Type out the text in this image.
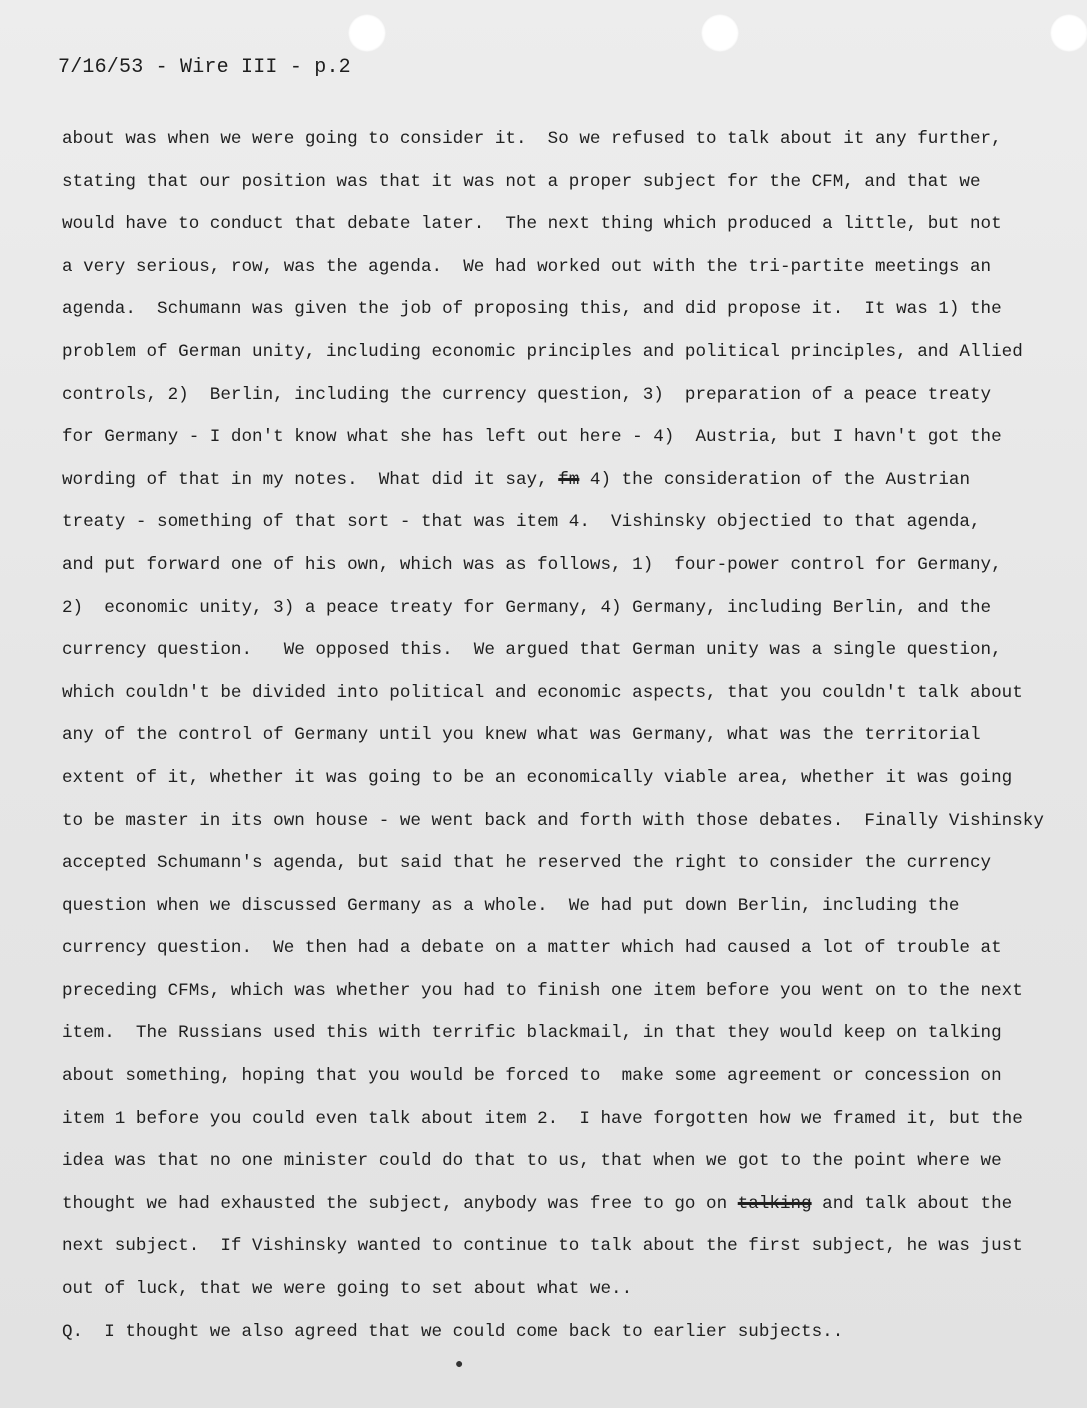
7/16/53 - Wire III - p.2
about was when we were going to consider it.  So we refused to talk about it any further,
stating that our position was that it was not a proper subject for the CFM, and that we
would have to conduct that debate later.  The next thing which produced a little, but not
a very serious, row, was the agenda.  We had worked out with the tri-partite meetings an
agenda.  Schumann was given the job of proposing this, and did propose it.  It was 1) the
problem of German unity, including economic principles and political principles, and Allied
controls, 2)  Berlin, including the currency question, 3)  preparation of a peace treaty
for Germany - I don't know what she has left out here - 4)  Austria, but I havn't got the
wording of that in my notes.  What did it say, fm 4) the consideration of the Austrian
treaty - something of that sort - that was item 4.  Vishinsky objectied to that agenda,
and put forward one of his own, which was as follows, 1)  four-power control for Germany,
2)  economic unity, 3) a peace treaty for Germany, 4) Germany, including Berlin, and the
currency question.   We opposed this.  We argued that German unity was a single question,
which couldn't be divided into political and economic aspects, that you couldn't talk about
any of the control of Germany until you knew what was Germany, what was the territorial
extent of it, whether it was going to be an economically viable area, whether it was going
to be master in its own house - we went back and forth with those debates.  Finally Vishinsky
accepted Schumann's agenda, but said that he reserved the right to consider the currency
question when we discussed Germany as a whole.  We had put down Berlin, including the
currency question.  We then had a debate on a matter which had caused a lot of trouble at
preceding CFMs, which was whether you had to finish one item before you went on to the next
item.  The Russians used this with terrific blackmail, in that they would keep on talking
about something, hoping that you would be forced to  make some agreement or concession on
item 1 before you could even talk about item 2.  I have forgotten how we framed it, but the
idea was that no one minister could do that to us, that when we got to the point where we
thought we had exhausted the subject, anybody was free to go on talking and talk about the
next subject.  If Vishinsky wanted to continue to talk about the first subject, he was just
out of luck, that we were going to set about what we..
Q.  I thought we also agreed that we could come back to earlier subjects..
●
